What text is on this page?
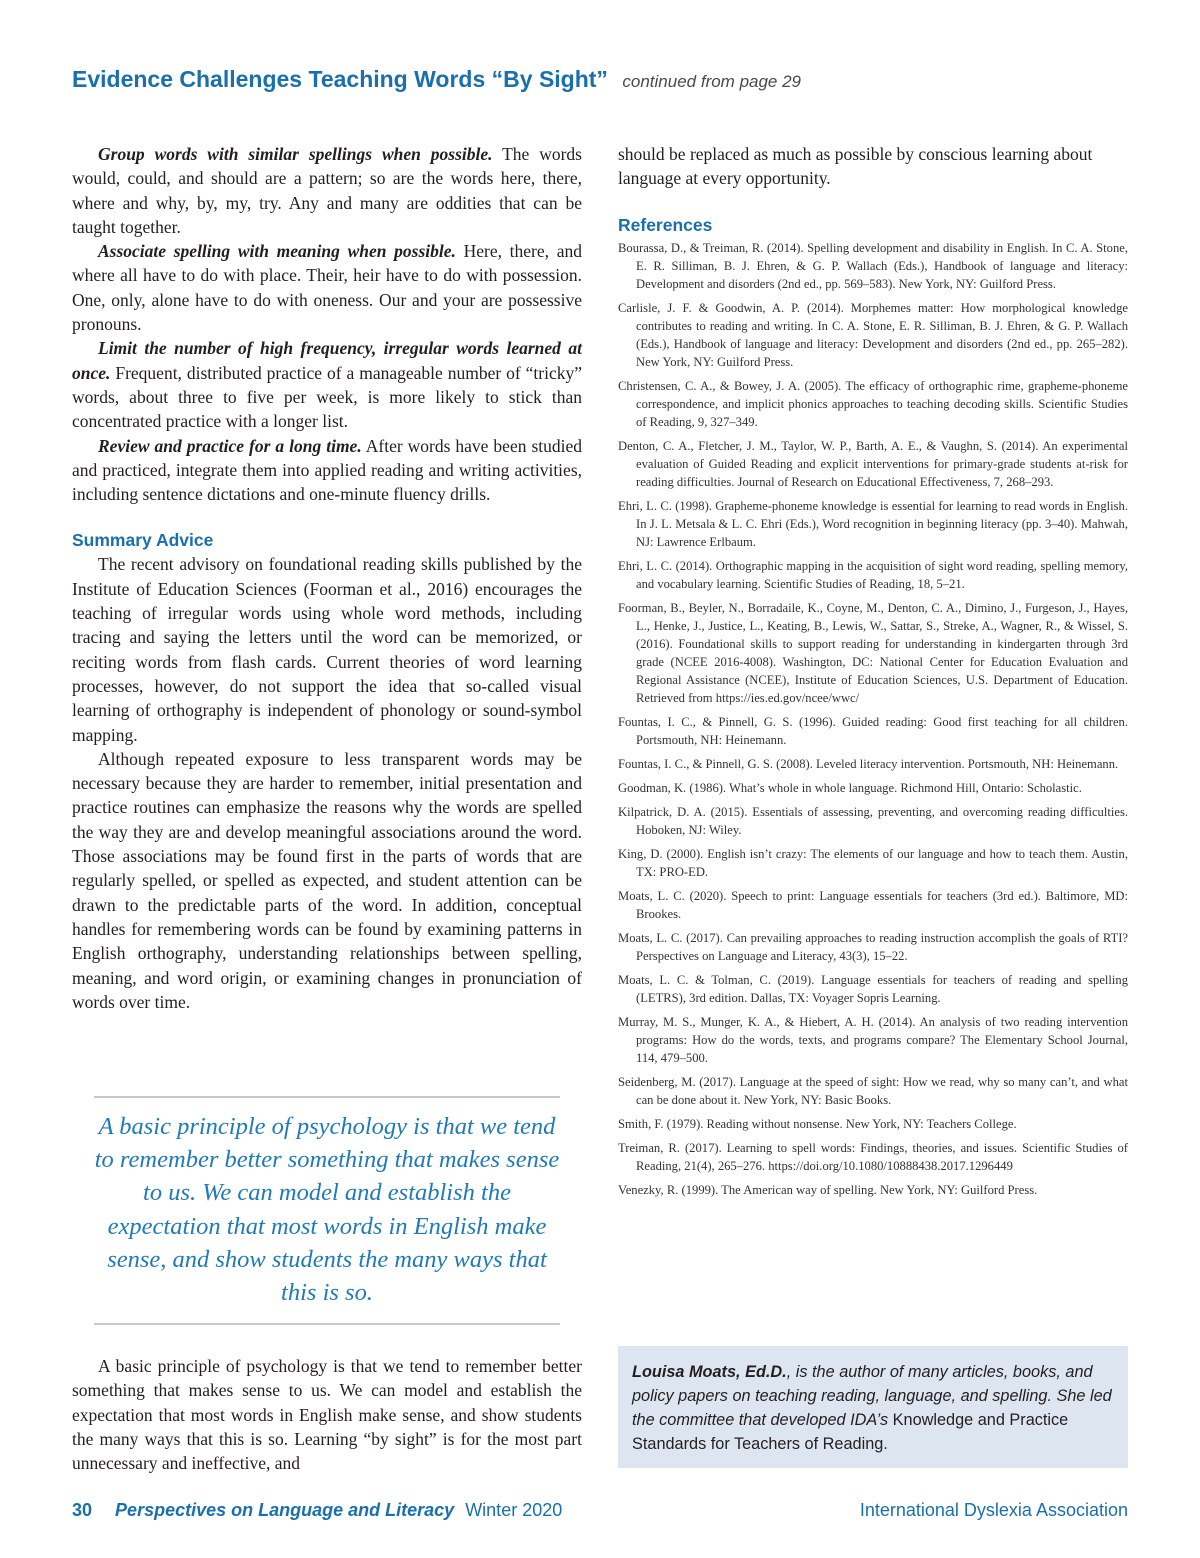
Evidence Challenges Teaching Words “By Sight” continued from page 29

Group words with similar spellings when possible. The words would, could, and should are a pattern; so are the words here, there, where and why, by, my, try. Any and many are oddities that can be taught together.

Associate spelling with meaning when possible. Here, there, and where all have to do with place. Their, heir have to do with possession. One, only, alone have to do with oneness. Our and your are possessive pronouns.

Limit the number of high frequency, irregular words learned at once. Frequent, distributed practice of a manageable number of “tricky” words, about three to five per week, is more likely to stick than concentrated practice with a longer list.

Review and practice for a long time. After words have been studied and practiced, integrate them into applied reading and writing activities, including sentence dictations and one-minute fluency drills.

Summary Advice

The recent advisory on foundational reading skills published by the Institute of Education Sciences (Foorman et al., 2016) encourages the teaching of irregular words using whole word methods, including tracing and saying the letters until the word can be memorized, or reciting words from flash cards. Current theories of word learning processes, however, do not support the idea that so-called visual learning of orthography is independent of phonology or sound-symbol mapping.

Although repeated exposure to less transparent words may be necessary because they are harder to remember, initial presentation and practice routines can emphasize the reasons why the words are spelled the way they are and develop meaningful associations around the word. Those associations may be found first in the parts of words that are regularly spelled, or spelled as expected, and student attention can be drawn to the predictable parts of the word. In addition, conceptual handles for remembering words can be found by examining patterns in English orthography, understanding relationships between spelling, meaning, and word origin, or examining changes in pronunciation of words over time.

A basic principle of psychology is that we tend to remember better something that makes sense to us. We can model and establish the expectation that most words in English make sense, and show students the many ways that this is so.

A basic principle of psychology is that we tend to remember better something that makes sense to us. We can model and establish the expectation that most words in English make sense, and show students the many ways that this is so. Learning “by sight” is for the most part unnecessary and ineffective, and

should be replaced as much as possible by conscious learning about language at every opportunity.

References

Bourassa, D., & Treiman, R. (2014). Spelling development and disability in English. In C. A. Stone, E. R. Silliman, B. J. Ehren, & G. P. Wallach (Eds.), Handbook of language and literacy: Development and disorders (2nd ed., pp. 569–583). New York, NY: Guilford Press.

Carlisle, J. F. & Goodwin, A. P. (2014). Morphemes matter: How morphological knowledge contributes to reading and writing. In C. A. Stone, E. R. Silliman, B. J. Ehren, & G. P. Wallach (Eds.), Handbook of language and literacy: Development and disorders (2nd ed., pp. 265–282). New York, NY: Guilford Press.

Christensen, C. A., & Bowey, J. A. (2005). The efficacy of orthographic rime, grapheme-phoneme correspondence, and implicit phonics approaches to teaching decoding skills. Scientific Studies of Reading, 9, 327–349.

Denton, C. A., Fletcher, J. M., Taylor, W. P., Barth, A. E., & Vaughn, S. (2014). An experimental evaluation of Guided Reading and explicit interventions for primary-grade students at-risk for reading difficulties. Journal of Research on Educational Effectiveness, 7, 268–293.

Ehri, L. C. (1998). Grapheme-phoneme knowledge is essential for learning to read words in English. In J. L. Metsala & L. C. Ehri (Eds.), Word recognition in beginning literacy (pp. 3–40). Mahwah, NJ: Lawrence Erlbaum.

Ehri, L. C. (2014). Orthographic mapping in the acquisition of sight word reading, spelling memory, and vocabulary learning. Scientific Studies of Reading, 18, 5–21.

Foorman, B., Beyler, N., Borradaile, K., Coyne, M., Denton, C. A., Dimino, J., Furgeson, J., Hayes, L., Henke, J., Justice, L., Keating, B., Lewis, W., Sattar, S., Streke, A., Wagner, R., & Wissel, S. (2016). Foundational skills to support reading for understanding in kindergarten through 3rd grade (NCEE 2016-4008). Washington, DC: National Center for Education Evaluation and Regional Assistance (NCEE), Institute of Education Sciences, U.S. Department of Education. Retrieved from https://ies.ed.gov/ncee/wwc/

Fountas, I. C., & Pinnell, G. S. (1996). Guided reading: Good first teaching for all children. Portsmouth, NH: Heinemann.

Fountas, I. C., & Pinnell, G. S. (2008). Leveled literacy intervention. Portsmouth, NH: Heinemann.

Goodman, K. (1986). What’s whole in whole language. Richmond Hill, Ontario: Scholastic.

Kilpatrick, D. A. (2015). Essentials of assessing, preventing, and overcoming reading difficulties. Hoboken, NJ: Wiley.

King, D. (2000). English isn’t crazy: The elements of our language and how to teach them. Austin, TX: PRO-ED.

Moats, L. C. (2020). Speech to print: Language essentials for teachers (3rd ed.). Baltimore, MD: Brookes.

Moats, L. C. (2017). Can prevailing approaches to reading instruction accomplish the goals of RTI? Perspectives on Language and Literacy, 43(3), 15–22.

Moats, L. C. & Tolman, C. (2019). Language essentials for teachers of reading and spelling (LETRS), 3rd edition. Dallas, TX: Voyager Sopris Learning.

Murray, M. S., Munger, K. A., & Hiebert, A. H. (2014). An analysis of two reading intervention programs: How do the words, texts, and programs compare? The Elementary School Journal, 114, 479–500.

Seidenberg, M. (2017). Language at the speed of sight: How we read, why so many can’t, and what can be done about it. New York, NY: Basic Books.

Smith, F. (1979). Reading without nonsense. New York, NY: Teachers College.

Treiman, R. (2017). Learning to spell words: Findings, theories, and issues. Scientific Studies of Reading, 21(4), 265–276. https://doi.org/10.1080/10888438.2017.1296449

Venezky, R. (1999). The American way of spelling. New York, NY: Guilford Press.

Louisa Moats, Ed.D., is the author of many articles, books, and policy papers on teaching reading, language, and spelling. She led the committee that developed IDA’s Knowledge and Practice Standards for Teachers of Reading.

30 Perspectives on Language and Literacy Winter 2020	International Dyslexia Association
